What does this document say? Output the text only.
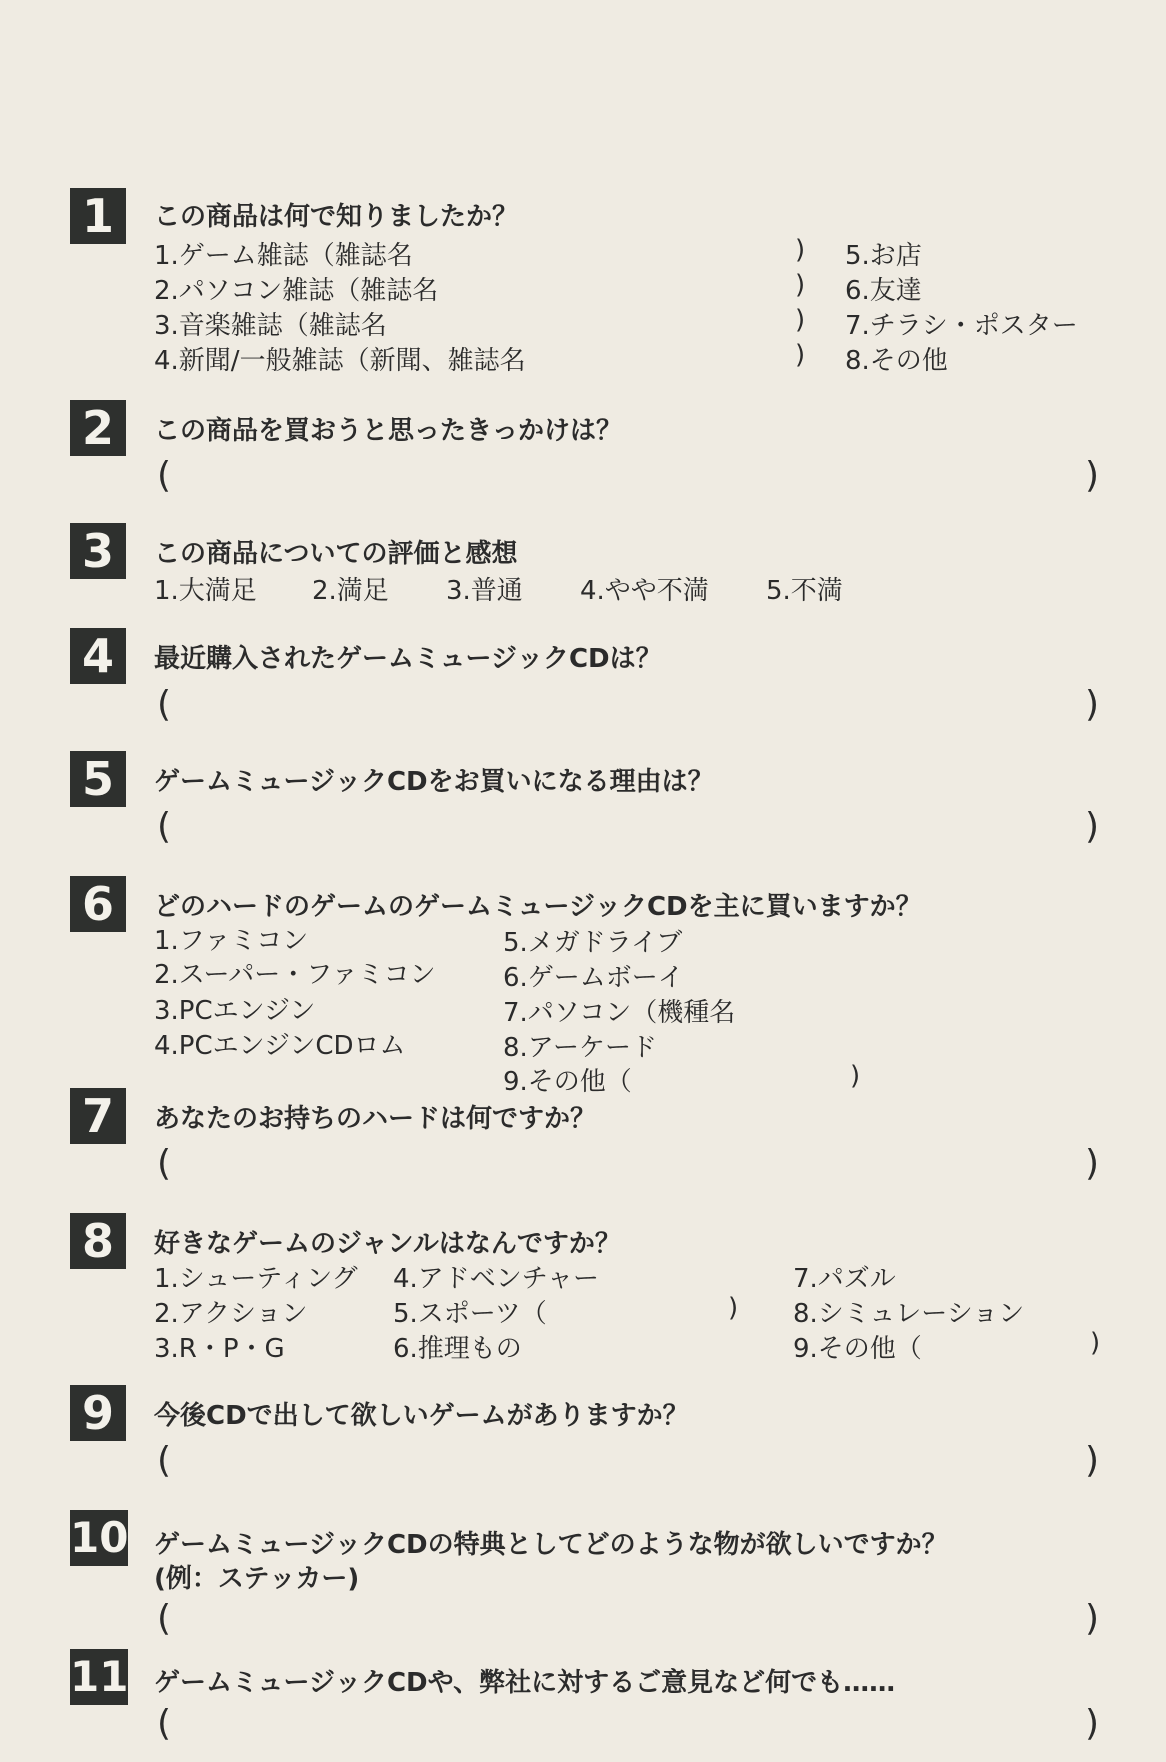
1	この商品は何で知りましたか？
1.ゲーム雑誌（雑誌名
2.パソコン雑誌（雑誌名
3.音楽雑誌（雑誌名
4.新聞/一般雑誌（新聞、雑誌名
)
)
)
)
5.お店
6.友達
7.チラシ・ポスター
8.その他
2	この商品を買おうと思ったきっかけは？
(	)
3	この商品についての評価と感想
1.大満足 2.満足 3.普通 4.やや不満 5.不満
4	最近購入されたゲームミュージックCDは？
(	)
5	ゲームミュージックCDをお買いになる理由は？
(	)
6	どのハードのゲームのゲームミュージックCDを主に買いますか？
1.ファミコン
2.スーパー・ファミコン
3.PCエンジン
4.PCエンジンCDロム
5.メガドライブ
6.ゲームボーイ
7.パソコン（機種名
8.アーケード
9.その他（	)
7	あなたのお持ちのハードは何ですか？
(	)
8	好きなゲームのジャンルはなんですか？
1.シューティング
2.アクション
3.R・P・G
4.アドベンチャー
5.スポーツ（	)
6.推理もの
7.パズル
8.シミュレーション
9.その他（	)
9	今後CDで出して欲しいゲームがありますか？
(	)
10 ゲームミュージックCDの特典としてどのような物が欲しいですか？
(例：ステッカー)
(	)
11 ゲームミュージックCDや、弊社に対するご意見など何でも……
(	)
